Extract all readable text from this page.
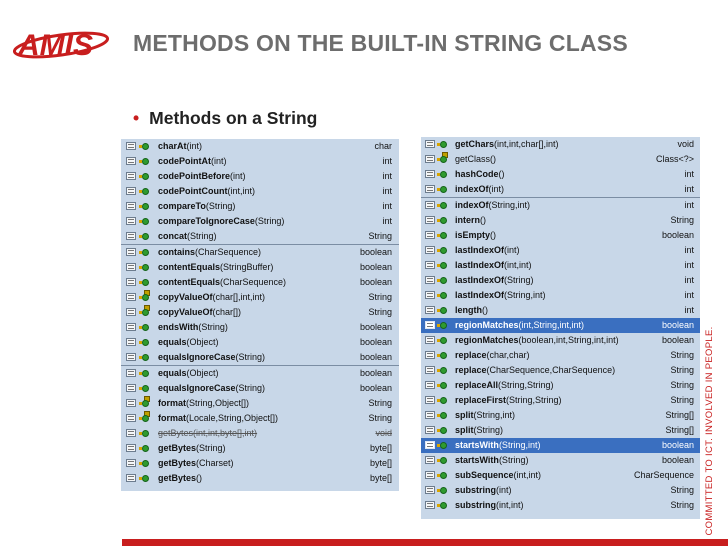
AMIS METHODS ON THE BUILT-IN STRING CLASS
• Methods on a String
charAt(int)	char
codePointAt(int)	int
codePointBefore(int)	int
codePointCount(int,int)	int
compareTo(String)	int
compareToIgnoreCase(String)	int
concat(String)	String
contains(CharSequence)	boolean
contentEquals(StringBuffer)	boolean
contentEquals(CharSequence)	boolean
copyValueOf(char[],int,int)	String
copyValueOf(char[])	String
endsWith(String)	boolean
equals(Object)	boolean
equalsIgnoreCase(String)	boolean
equals(Object)	boolean
equalsIgnoreCase(String)	boolean
format(String,Object[])	String
format(Locale,String,Object[])	String
getBytes(int,int,byte[],int)	void
getBytes(String)	byte[]
getBytes(Charset)	byte[]
getBytes()	byte[]
getChars(int,int,char[],int)	void
getClass()	Class<?>
hashCode()	int
indexOf(int)	int
indexOf(String,int)	int
intern()	String
isEmpty()	boolean
lastIndexOf(int)	int
lastIndexOf(int,int)	int
lastIndexOf(String)	int
lastIndexOf(String,int)	int
length()	int
regionMatches(int,String,int,int)	boolean
regionMatches(boolean,int,String,int,int)	boolean
replace(char,char)	String
replace(CharSequence,CharSequence)	String
replaceAll(String,String)	String
replaceFirst(String,String)	String
split(String,int)	String[]
split(String)	String[]
startsWith(String,int)	boolean
startsWith(String)	boolean
subSequence(int,int)	CharSequence
substring(int)	String
substring(int,int)	String COMMITTED TO ICT. INVOLVED IN PEOPLE.
